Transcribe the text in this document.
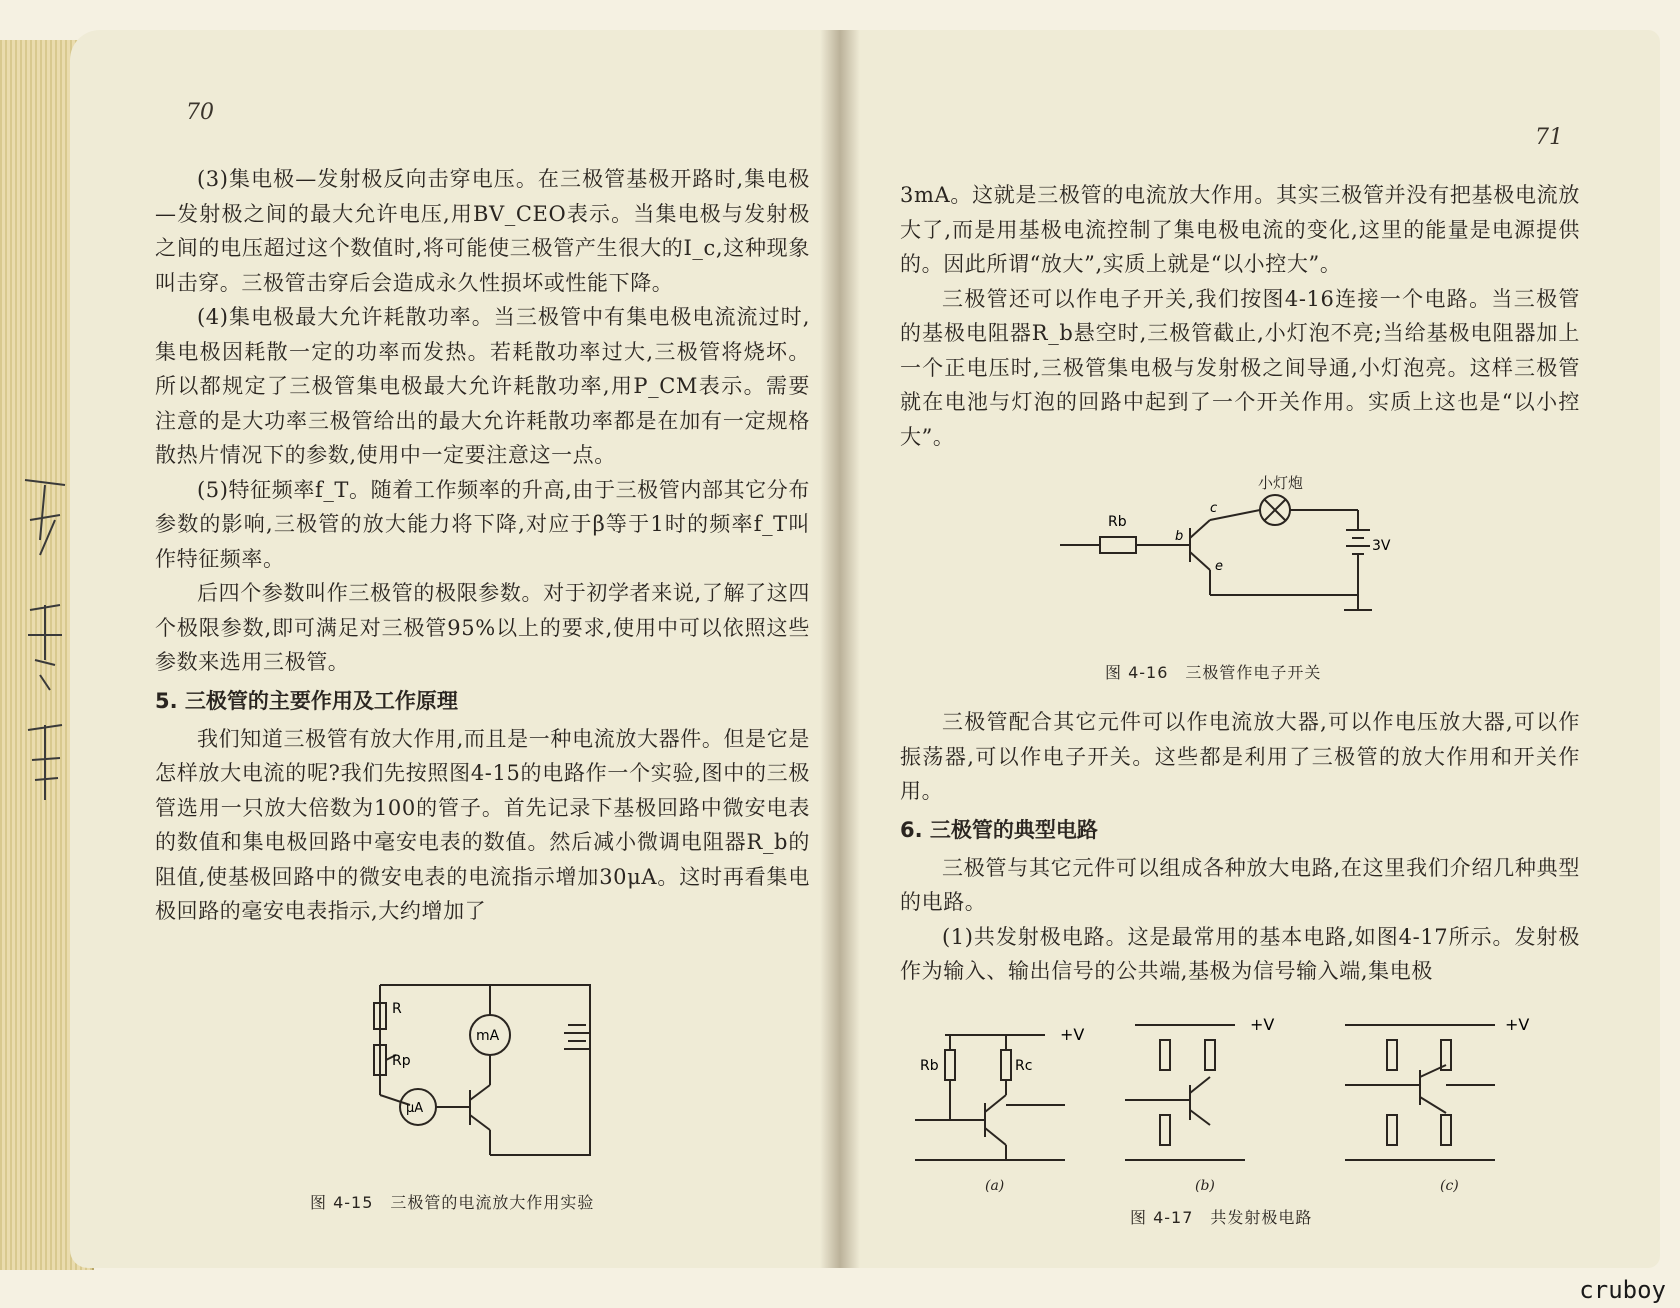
70

(3)集电极—发射极反向击穿电压。在三极管基极开路时,集电极—发射极之间的最大允许电压,用BV_CEO表示。当集电极与发射极之间的电压超过这个数值时,将可能使三极管产生很大的I_c,这种现象叫击穿。三极管击穿后会造成永久性损坏或性能下降。

(4)集电极最大允许耗散功率。当三极管中有集电极电流流过时,集电极因耗散一定的功率而发热。若耗散功率过大,三极管将烧坏。所以都规定了三极管集电极最大允许耗散功率,用P_CM表示。需要注意的是大功率三极管给出的最大允许耗散功率都是在加有一定规格散热片情况下的参数,使用中一定要注意这一点。

(5)特征频率f_T。随着工作频率的升高,由于三极管内部其它分布参数的影响,三极管的放大能力将下降,对应于β等于1时的频率f_T叫作特征频率。

后四个参数叫作三极管的极限参数。对于初学者来说,了解了这四个极限参数,即可满足对三极管95%以上的要求,使用中可以依照这些参数来选用三极管。

5. 三极管的主要作用及工作原理

我们知道三极管有放大作用,而且是一种电流放大器件。但是它是怎样放大电流的呢?我们先按照图4-15的电路作一个实验,图中的三极管选用一只放大倍数为100的管子。首先记录下基极回路中微安电表的数值和集电极回路中毫安电表的数值。然后减小微调电阻器R_b的阻值,使基极回路中的微安电表的电流指示增加30μA。这时再看集电极回路的毫安电表指示,大约增加了

R
Rp
mA
μA
图 4-15　三极管的电流放大作用实验
71

3mA。这就是三极管的电流放大作用。其实三极管并没有把基极电流放大了,而是用基极电流控制了集电极电流的变化,这里的能量是电源提供的。因此所谓“放大”,实质上就是“以小控大”。

三极管还可以作电子开关,我们按图4-16连接一个电路。当三极管的基极电阻器R_b悬空时,三极管截止,小灯泡不亮;当给基极电阻器加上一个正电压时,三极管集电极与发射极之间导通,小灯泡亮。这样三极管就在电池与灯泡的回路中起到了一个开关作用。实质上这也是“以小控大”。

Rb
b
c
e
3V
小灯炮
图 4-16　三极管作电子开关

三极管配合其它元件可以作电流放大器,可以作电压放大器,可以作振荡器,可以作电子开关。这些都是利用了三极管的放大作用和开关作用。

6. 三极管的典型电路

三极管与其它元件可以组成各种放大电路,在这里我们介绍几种典型的电路。

(1)共发射极电路。这是最常用的基本电路,如图4-17所示。发射极作为输入、输出信号的公共端,基极为信号输入端,集电极

+V
+V	+V
Rb	Rc
(a)	(b)	(c)
图 4-17　共发射极电路
cruboy
